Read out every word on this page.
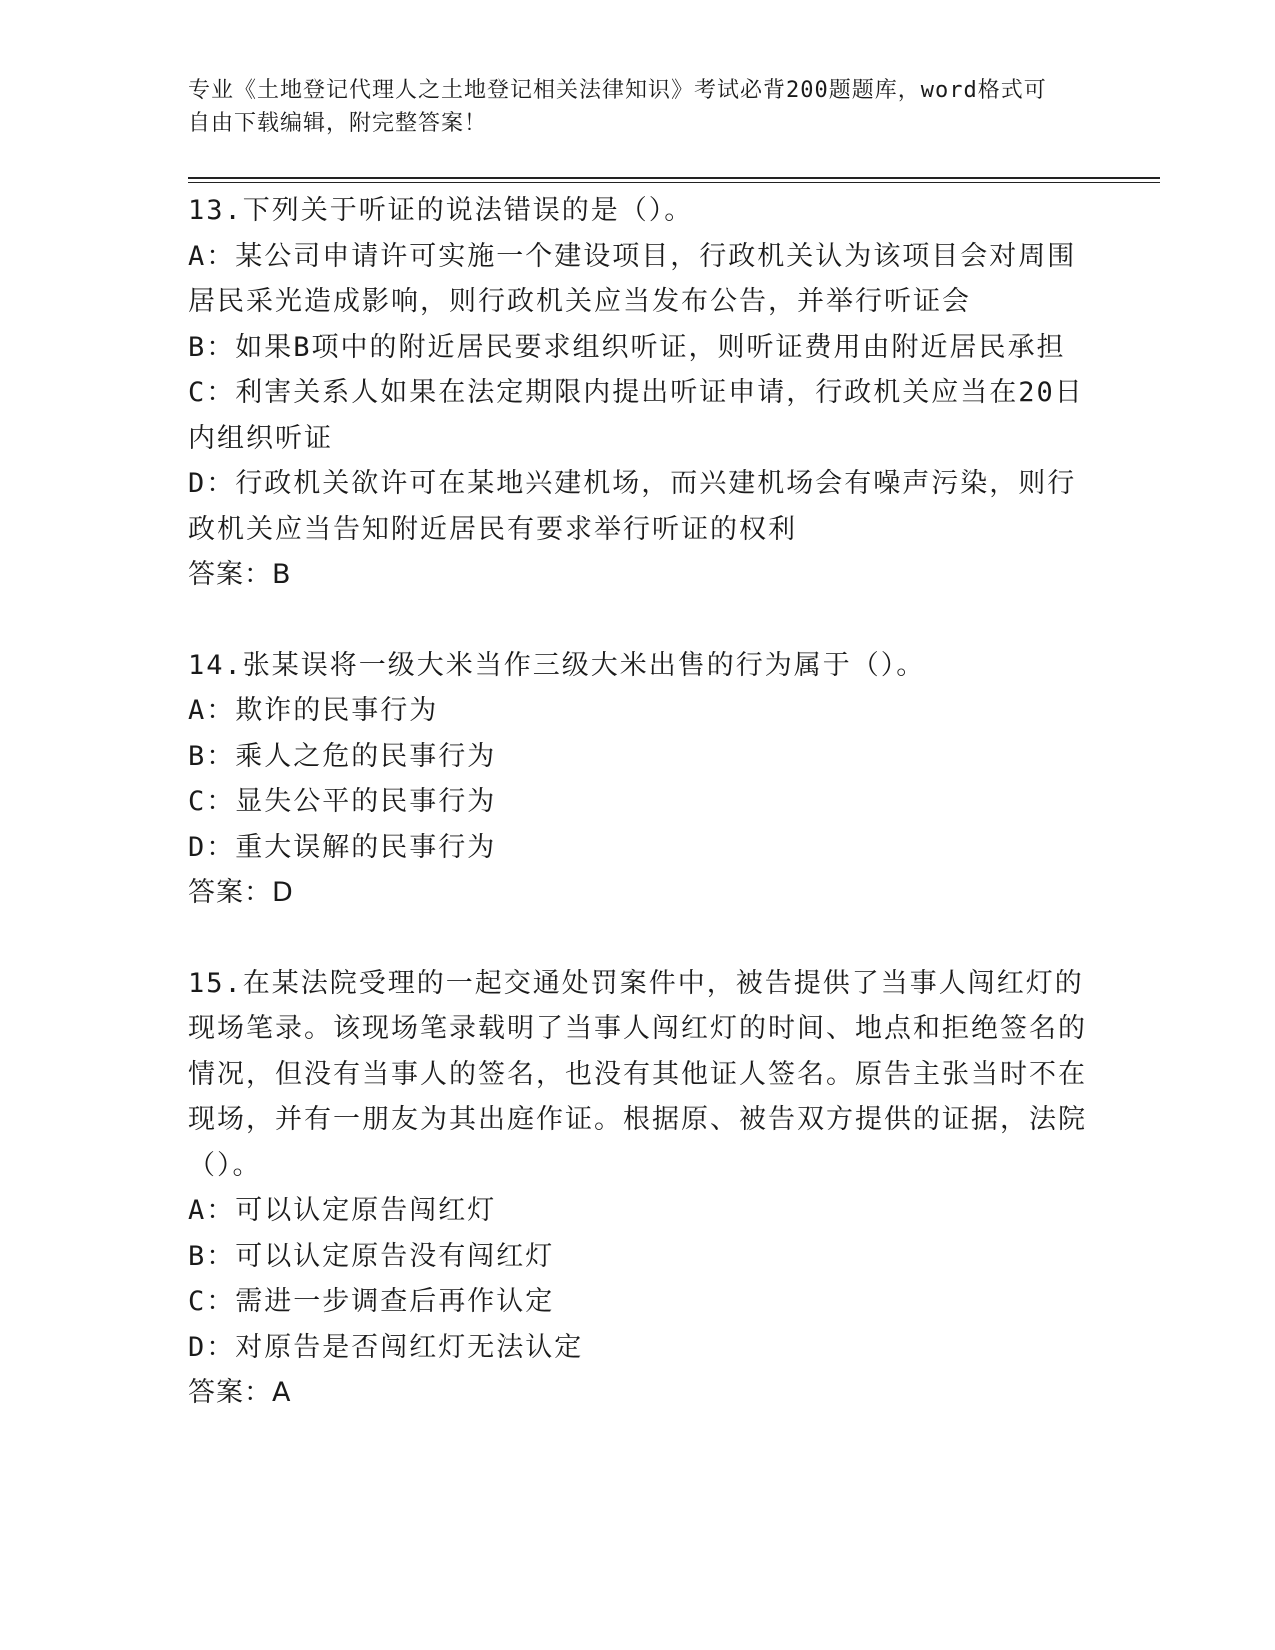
专业《土地登记代理人之土地登记相关法律知识》考试必背200题题库，word格式可自由下载编辑，附完整答案！
13.下列关于听证的说法错误的是（）。
A：某公司申请许可实施一个建设项目，行政机关认为该项目会对周围居民采光造成影响，则行政机关应当发布公告，并举行听证会
B：如果B项中的附近居民要求组织听证，则听证费用由附近居民承担
C：利害关系人如果在法定期限内提出听证申请，行政机关应当在20日内组织听证
D：行政机关欲许可在某地兴建机场，而兴建机场会有噪声污染，则行政机关应当告知附近居民有要求举行听证的权利
答案：B
14.张某误将一级大米当作三级大米出售的行为属于（）。
A：欺诈的民事行为
B：乘人之危的民事行为
C：显失公平的民事行为
D：重大误解的民事行为
答案：D
15.在某法院受理的一起交通处罚案件中，被告提供了当事人闯红灯的现场笔录。该现场笔录载明了当事人闯红灯的时间、地点和拒绝签名的情况，但没有当事人的签名，也没有其他证人签名。原告主张当时不在现场，并有一朋友为其出庭作证。根据原、被告双方提供的证据，法院（）。
A：可以认定原告闯红灯
B：可以认定原告没有闯红灯
C：需进一步调查后再作认定
D：对原告是否闯红灯无法认定
答案：A
